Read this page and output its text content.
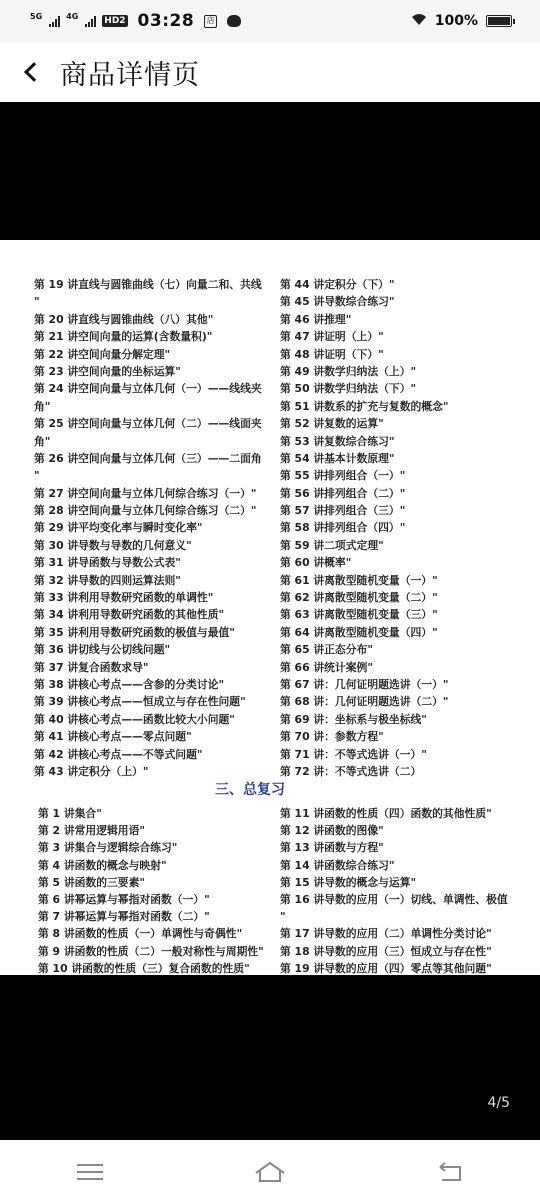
5G	4G	HD2 03:28	店	100%
商品详情页
第 19 讲直线与圆锥曲线（七）向量二和、共线
"
第 20 讲直线与圆锥曲线（八）其他"
第 21 讲空间向量的运算(含数量积)"
第 22 讲空间向量分解定理"
第 23 讲空间向量的坐标运算"
第 24 讲空间向量与立体几何（一）——线线夹
角"
第 25 讲空间向量与立体几何（二）——线面夹
角"
第 26 讲空间向量与立体几何（三）——二面角
"
第 27 讲空间向量与立体几何综合练习（一）"
第 28 讲空间向量与立体几何综合练习（二）"
第 29 讲平均变化率与瞬时变化率"
第 30 讲导数与导数的几何意义"
第 31 讲导函数与导数公式表"
第 32 讲导数的四则运算法则"
第 33 讲利用导数研究函数的单调性"
第 34 讲利用导数研究函数的其他性质"
第 35 讲利用导数研究函数的极值与最值"
第 36 讲切线与公切线问题"
第 37 讲复合函数求导"
第 38 讲核心考点——含参的分类讨论"
第 39 讲核心考点——恒成立与存在性问题"
第 40 讲核心考点——函数比较大小问题"
第 41 讲核心考点——零点问题"
第 42 讲核心考点——不等式问题"
第 43 讲定积分（上）"
第 44 讲定积分（下）"
第 45 讲导数综合练习"
第 46 讲推理"
第 47 讲证明（上）"
第 48 讲证明（下）"
第 49 讲数学归纳法（上）"
第 50 讲数学归纳法（下）"
第 51 讲数系的扩充与复数的概念"
第 52 讲复数的运算"
第 53 讲复数综合练习"
第 54 讲基本计数原理"
第 55 讲排列组合（一）"
第 56 讲排列组合（二）"
第 57 讲排列组合（三）"
第 58 讲排列组合（四）"
第 59 讲二项式定理"
第 60 讲概率"
第 61 讲离散型随机变量（一）"
第 62 讲离散型随机变量（二）"
第 63 讲离散型随机变量（三）"
第 64 讲离散型随机变量（四）"
第 65 讲正态分布"
第 66 讲统计案例"
第 67 讲：几何证明题选讲（一）"
第 68 讲：几何证明题选讲（二）"
第 69 讲：坐标系与极坐标线"
第 70 讲：参数方程"
第 71 讲：不等式选讲（一）"
第 72 讲：不等式选讲（二）
三、总复习
第 1 讲集合"
第 2 讲常用逻辑用语"
第 3 讲集合与逻辑综合练习"
第 4 讲函数的概念与映射"
第 5 讲函数的三要素"
第 6 讲幂运算与幂指对函数（一）"
第 7 讲幂运算与幂指对函数（二）"
第 8 讲函数的性质（一）单调性与奇偶性"
第 9 讲函数的性质（二）一般对称性与周期性"
第 10 讲函数的性质（三）复合函数的性质"
第 11 讲函数的性质（四）函数的其他性质"
第 12 讲函数的图像"
第 13 讲函数与方程"
第 14 讲函数综合练习"
第 15 讲导数的概念与运算"
第 16 讲导数的应用（一）切线、单调性、极值
"
第 17 讲导数的应用（二）单调性分类讨论"
第 18 讲导数的应用（三）恒成立与存在性"
第 19 讲导数的应用（四）零点等其他问题"
4/5
